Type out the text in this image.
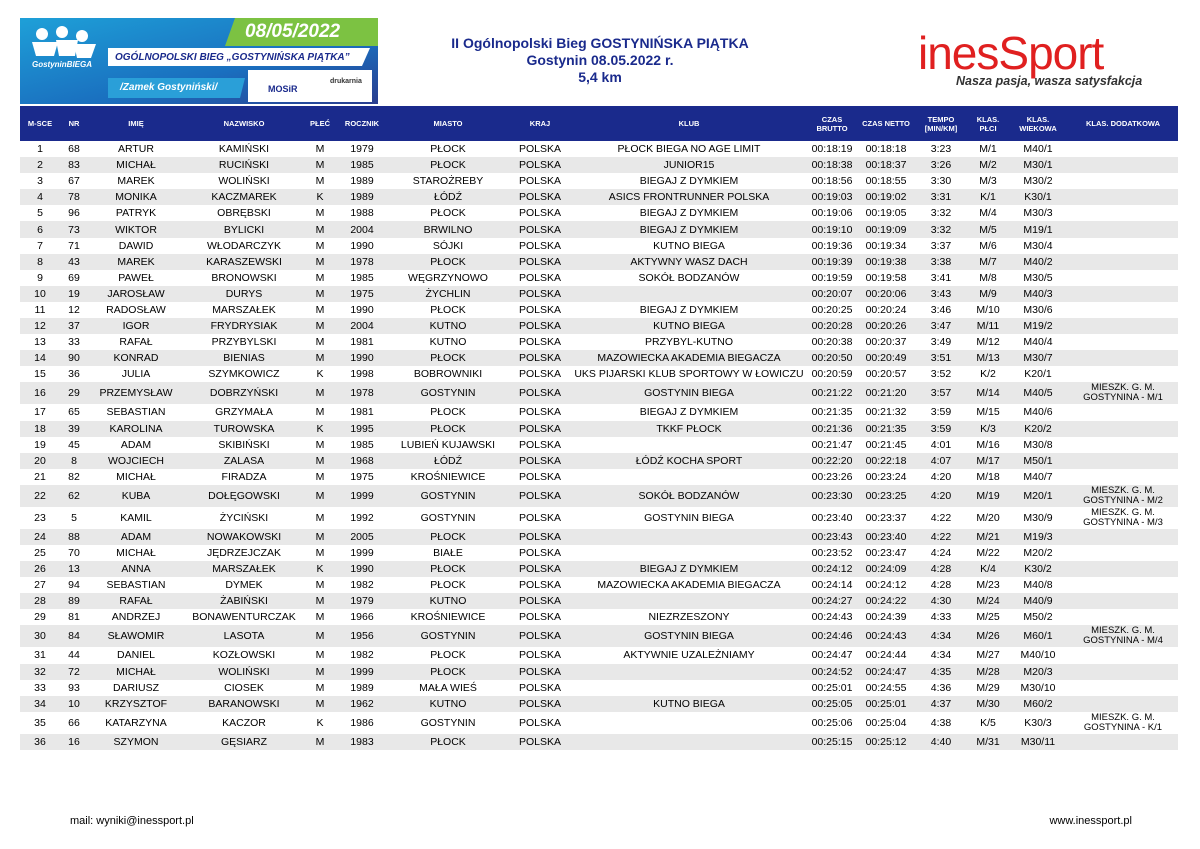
08/05/2022
OGÓLNOPOLSKI BIEG „GOSTYNIŃSKA PIĄTKA”
/Zamek Gostyniński/
GostyninBIEGA
MOSiR
drukarnia
II Ogólnopolski Bieg GOSTYNIŃSKA PIĄTKA
Gostynin 08.05.2022 r.
5,4 km	inesSport
Nasza pasja, wasza satysfakcja
M-SCE	NR	IMIĘ	NAZWISKO	PŁEĆ	ROCZNIK	MIASTO	KRAJ	KLUB	CZAS BRUTTO	CZAS NETTO	TEMPO [MIN/KM]	KLAS. PŁCI	KLAS. WIEKOWA	KLAS. DODATKOWA
1	68	ARTUR	KAMIŃSKI	M	1979	PŁOCK	POLSKA	PŁOCK BIEGA NO AGE LIMIT	00:18:19	00:18:18	3:23	M/1	M40/1	
2	83	MICHAŁ	RUCIŃSKI	M	1985	PŁOCK	POLSKA	JUNIOR15	00:18:38	00:18:37	3:26	M/2	M30/1	
3	67	MAREK	WOLIŃSKI	M	1989	STAROŻREBY	POLSKA	BIEGAJ Z DYMKIEM	00:18:56	00:18:55	3:30	M/3	M30/2	
4	78	MONIKA	KACZMAREK	K	1989	ŁÓDŹ	POLSKA	ASICS FRONTRUNNER POLSKA	00:19:03	00:19:02	3:31	K/1	K30/1	
5	96	PATRYK	OBRĘBSKI	M	1988	PŁOCK	POLSKA	BIEGAJ Z DYMKIEM	00:19:06	00:19:05	3:32	M/4	M30/3	
6	73	WIKTOR	BYLICKI	M	2004	BRWILNO	POLSKA	BIEGAJ Z DYMKIEM	00:19:10	00:19:09	3:32	M/5	M19/1	
7	71	DAWID	WŁODARCZYK	M	1990	SÓJKI	POLSKA	KUTNO BIEGA	00:19:36	00:19:34	3:37	M/6	M30/4	
8	43	MAREK	KARASZEWSKI	M	1978	PŁOCK	POLSKA	AKTYWNY WASZ DACH	00:19:39	00:19:38	3:38	M/7	M40/2	
9	69	PAWEŁ	BRONOWSKI	M	1985	WĘGRZYNOWO	POLSKA	SOKÓŁ BODZANÓW	00:19:59	00:19:58	3:41	M/8	M30/5	
10	19	JAROSŁAW	DURYS	M	1975	ŻYCHLIN	POLSKA		00:20:07	00:20:06	3:43	M/9	M40/3	
11	12	RADOSŁAW	MARSZAŁEK	M	1990	PŁOCK	POLSKA	BIEGAJ Z DYMKIEM	00:20:25	00:20:24	3:46	M/10	M30/6	
12	37	IGOR	FRYDRYSIAK	M	2004	KUTNO	POLSKA	KUTNO BIEGA	00:20:28	00:20:26	3:47	M/11	M19/2	
13	33	RAFAŁ	PRZYBYLSKI	M	1981	KUTNO	POLSKA	PRZYBYL-KUTNO	00:20:38	00:20:37	3:49	M/12	M40/4	
14	90	KONRAD	BIENIAS	M	1990	PŁOCK	POLSKA	MAZOWIECKA AKADEMIA BIEGACZA	00:20:50	00:20:49	3:51	M/13	M30/7	
15	36	JULIA	SZYMKOWICZ	K	1998	BOBROWNIKI	POLSKA	UKS PIJARSKI KLUB SPORTOWY W ŁOWICZU	00:20:59	00:20:57	3:52	K/2	K20/1	
16	29	PRZEMYSŁAW	DOBRZYŃSKI	M	1978	GOSTYNIN	POLSKA	GOSTYNIN BIEGA	00:21:22	00:21:20	3:57	M/14	M40/5	MIESZK. G. M. GOSTYNINA - M/1
17	65	SEBASTIAN	GRZYMAŁA	M	1981	PŁOCK	POLSKA	BIEGAJ Z DYMKIEM	00:21:35	00:21:32	3:59	M/15	M40/6	
18	39	KAROLINA	TUROWSKA	K	1995	PŁOCK	POLSKA	TKKF PŁOCK	00:21:36	00:21:35	3:59	K/3	K20/2	
19	45	ADAM	SKIBIŃSKI	M	1985	LUBIEŃ KUJAWSKI	POLSKA		00:21:47	00:21:45	4:01	M/16	M30/8	
20	8	WOJCIECH	ZALASA	M	1968	ŁÓDŹ	POLSKA	ŁÓDŹ KOCHA SPORT	00:22:20	00:22:18	4:07	M/17	M50/1	
21	82	MICHAŁ	FIRADZA	M	1975	KROŚNIEWICE	POLSKA		00:23:26	00:23:24	4:20	M/18	M40/7	
22	62	KUBA	DOŁĘGOWSKI	M	1999	GOSTYNIN	POLSKA	SOKÓŁ BODZANÓW	00:23:30	00:23:25	4:20	M/19	M20/1	MIESZK. G. M. GOSTYNINA - M/2
23	5	KAMIL	ŻYCIŃSKI	M	1992	GOSTYNIN	POLSKA	GOSTYNIN BIEGA	00:23:40	00:23:37	4:22	M/20	M30/9	MIESZK. G. M. GOSTYNINA - M/3
24	88	ADAM	NOWAKOWSKI	M	2005	PŁOCK	POLSKA		00:23:43	00:23:40	4:22	M/21	M19/3	
25	70	MICHAŁ	JĘDRZEJCZAK	M	1999	BIAŁE	POLSKA		00:23:52	00:23:47	4:24	M/22	M20/2	
26	13	ANNA	MARSZAŁEK	K	1990	PŁOCK	POLSKA	BIEGAJ Z DYMKIEM	00:24:12	00:24:09	4:28	K/4	K30/2	
27	94	SEBASTIAN	DYMEK	M	1982	PŁOCK	POLSKA	MAZOWIECKA AKADEMIA BIEGACZA	00:24:14	00:24:12	4:28	M/23	M40/8	
28	89	RAFAŁ	ŻABIŃSKI	M	1979	KUTNO	POLSKA		00:24:27	00:24:22	4:30	M/24	M40/9	
29	81	ANDRZEJ	BONAWENTURCZAK	M	1966	KROŚNIEWICE	POLSKA	NIEZRZESZONY	00:24:43	00:24:39	4:33	M/25	M50/2	
30	84	SŁAWOMIR	LASOTA	M	1956	GOSTYNIN	POLSKA	GOSTYNIN BIEGA	00:24:46	00:24:43	4:34	M/26	M60/1	MIESZK. G. M. GOSTYNINA - M/4
31	44	DANIEL	KOZŁOWSKI	M	1982	PŁOCK	POLSKA	AKTYWNIE UZALEŻNIAMY	00:24:47	00:24:44	4:34	M/27	M40/10	
32	72	MICHAŁ	WOLIŃSKI	M	1999	PŁOCK	POLSKA		00:24:52	00:24:47	4:35	M/28	M20/3	
33	93	DARIUSZ	CIOSEK	M	1989	MAŁA WIEŚ	POLSKA		00:25:01	00:24:55	4:36	M/29	M30/10	
34	10	KRZYSZTOF	BARANOWSKI	M	1962	KUTNO	POLSKA	KUTNO BIEGA	00:25:05	00:25:01	4:37	M/30	M60/2	
35	66	KATARZYNA	KACZOR	K	1986	GOSTYNIN	POLSKA		00:25:06	00:25:04	4:38	K/5	K30/3	MIESZK. G. M. GOSTYNINA - K/1
36	16	SZYMON	GĘSIARZ	M	1983	PŁOCK	POLSKA		00:25:15	00:25:12	4:40	M/31	M30/11	
mail: wyniki@inessport.pl	www.inessport.pl
